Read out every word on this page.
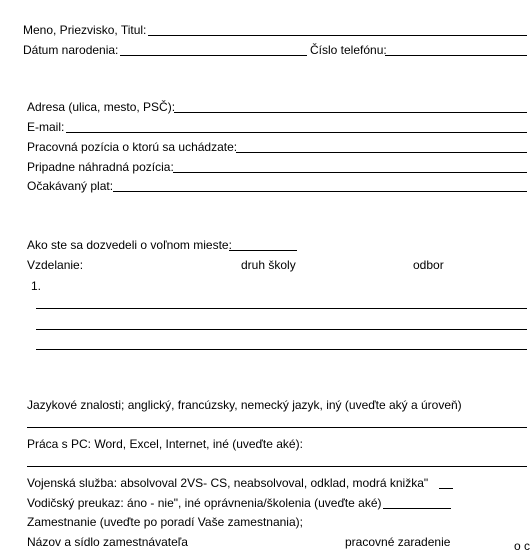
Meno, Priezvisko, Titul:
Dátum narodenia:	Číslo telefónu:
Adresa (ulica, mesto, PSČ):
E-mail:
Pracovná pozícia o ktorú sa uchádzate:
Pripadne náhradná pozícia:
Očakávaný plat:
Ako ste sa dozvedeli o voľnom mieste:
Vzdelanie:	druh školy	odbor
1.
Jazykové znalosti; anglický, francúzsky, nemecký jazyk, iný (uveďte aký a úroveň)
Práca s PC: Word, Excel, Internet, iné (uveďte aké):
Vojenská služba: absolvoval 2VS- CS, neabsolvoval, odklad, modrá knižka"
Vodičský preukaz: áno - nie", iné oprávnenia/školenia (uveďte aké)
Zamestnanie (uveďte po poradí Vaše zamestnania);
Názov a sídlo zamestnávateľa	pracovné zaradenie	o c
